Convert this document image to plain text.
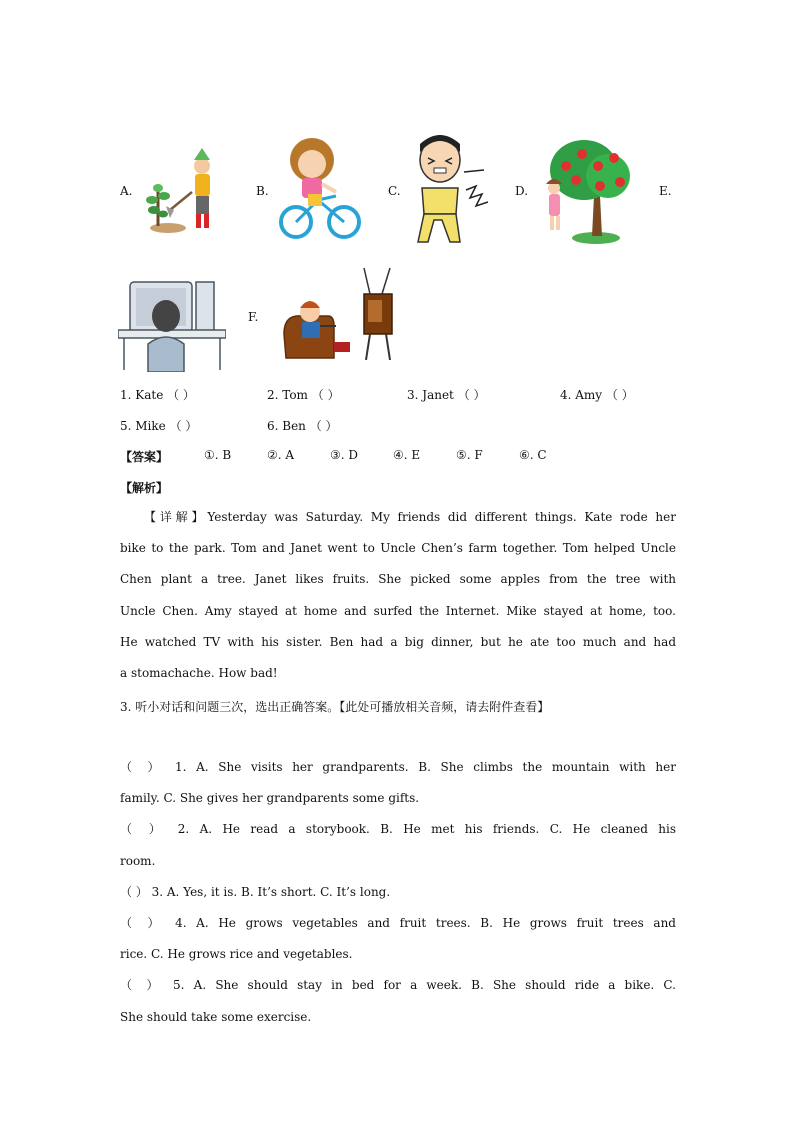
A.	B.	C.	D.	E.
F.
1. Kate （ ）	2. Tom （ ）	3. Janet （ ）	4. Amy （ ）
5. Mike （ ）	6. Ben （ ）
【答案】	①. B	②. A	③. D	④. E	⑤. F	⑥. C
【解析】
【详解】Yesterday was Saturday. My friends did different things. Kate rode her
bike to the park. Tom and Janet went to Uncle Chen’s farm together. Tom helped Uncle
Chen plant a tree. Janet likes fruits. She picked some apples from the tree with
Uncle Chen. Amy stayed at home and surfed the Internet. Mike stayed at home, too.
He watched TV with his sister. Ben had a big dinner, but he ate too much and had
a stomachache. How bad!
3. 听小对话和问题三次，选出正确答案。【此处可播放相关音频，请去附件查看】
（ ） 1. A. She visits her grandparents. B. She climbs the mountain with her
family. C. She gives her grandparents some gifts.
（ ） 2. A. He read a storybook. B. He met his friends. C. He cleaned his
room.
（ ） 3. A. Yes, it is. B. It’s short. C. It’s long.
（ ） 4. A. He grows vegetables and fruit trees. B. He grows fruit trees and
rice. C. He grows rice and vegetables.
（ ） 5. A. She should stay in bed for a week. B. She should ride a bike. C.
She should take some exercise.
